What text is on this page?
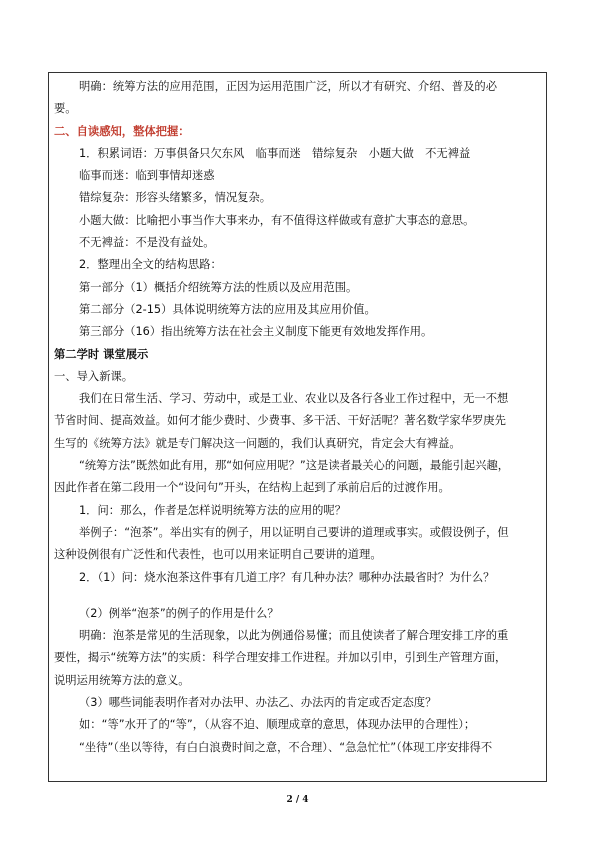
明确：统筹方法的应用范围，正因为运用范围广泛，所以才有研究、介绍、普及的必

要。

二、自读感知，整体把握：

1．积累词语：万事俱备只欠东风　临事而迷　错综复杂　小题大做　不无裨益

临事而迷：临到事情却迷惑

错综复杂：形容头绪繁多，情况复杂。

小题大做：比喻把小事当作大事来办，有不值得这样做或有意扩大事态的意思。

不无裨益：不是没有益处。

2．整理出全文的结构思路：

第一部分（1）概括介绍统筹方法的性质以及应用范围。

第二部分（2-15）具体说明统筹方法的应用及其应用价值。

第三部分（16）指出统筹方法在社会主义制度下能更有效地发挥作用。

第二学时 课堂展示

一、导入新课。

我们在日常生活、学习、劳动中，或是工业、农业以及各行各业工作过程中，无一不想

节省时间、提高效益。如何才能少费时、少费事、多干活、干好活呢？著名数学家华罗庚先

生写的《统筹方法》就是专门解决这一问题的，我们认真研究，肯定会大有裨益。

“统筹方法”既然如此有用，那“如何应用呢？”这是读者最关心的问题，最能引起兴趣，

因此作者在第二段用一个“设问句”开头，在结构上起到了承前启后的过渡作用。

1．问：那么，作者是怎样说明统筹方法的应用的呢？

举例子：“泡茶”。举出实有的例子，用以证明自己要讲的道理或事实。或假设例子，但

这种设例很有广泛性和代表性，也可以用来证明自己要讲的道理。

2．（1）问：烧水泡茶这件事有几道工序？有几种办法？哪种办法最省时？为什么？

（2）例举“泡茶”的例子的作用是什么？

明确：泡茶是常见的生活现象，以此为例通俗易懂；而且使读者了解合理安排工序的重

要性，揭示“统筹方法”的实质：科学合理安排工作进程。并加以引申，引到生产管理方面，

说明运用统筹方法的意义。

（3）哪些词能表明作者对办法甲、办法乙、办法丙的肯定或否定态度？

如：“等”水开了的“等”，（从容不迫、顺理成章的意思，体现办法甲的合理性）；

“坐待”（坐以等待，有白白浪费时间之意，不合理）、“急急忙忙”（体现工序安排得不

2 / 4
